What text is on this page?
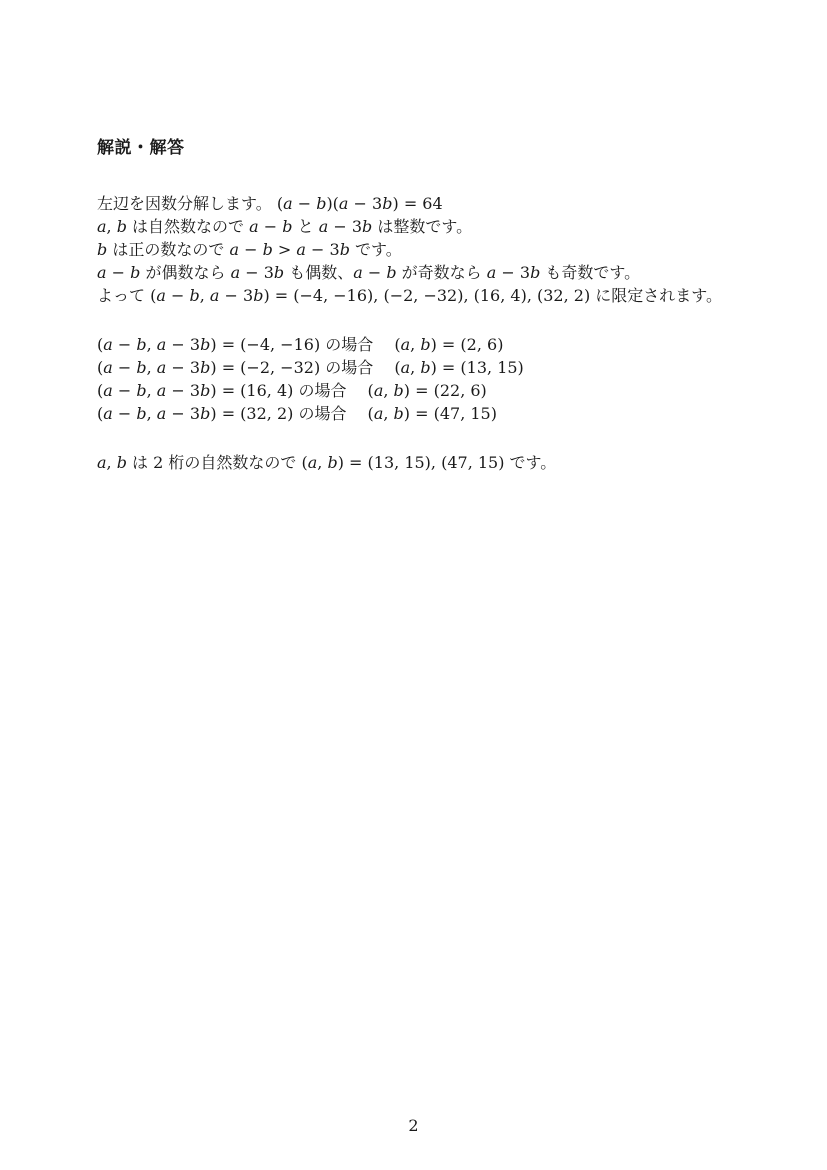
解説・解答
左辺を因数分解します。 (a − b)(a − 3b) = 64
a, b は自然数なので a − b と a − 3b は整数です。
b は正の数なので a − b > a − 3b です。
a − b が偶数なら a − 3b も偶数、a − b が奇数なら a − 3b も奇数です。
よって (a − b, a − 3b) = (−4, −16), (−2, −32), (16, 4), (32, 2) に限定されます。
(a − b, a − 3b) = (−4, −16) の場合　 (a, b) = (2, 6)
(a − b, a − 3b) = (−2, −32) の場合　 (a, b) = (13, 15)
(a − b, a − 3b) = (16, 4) の場合　 (a, b) = (22, 6)
(a − b, a − 3b) = (32, 2) の場合　 (a, b) = (47, 15)
a, b は 2 桁の自然数なので (a, b) = (13, 15), (47, 15) です。
2
